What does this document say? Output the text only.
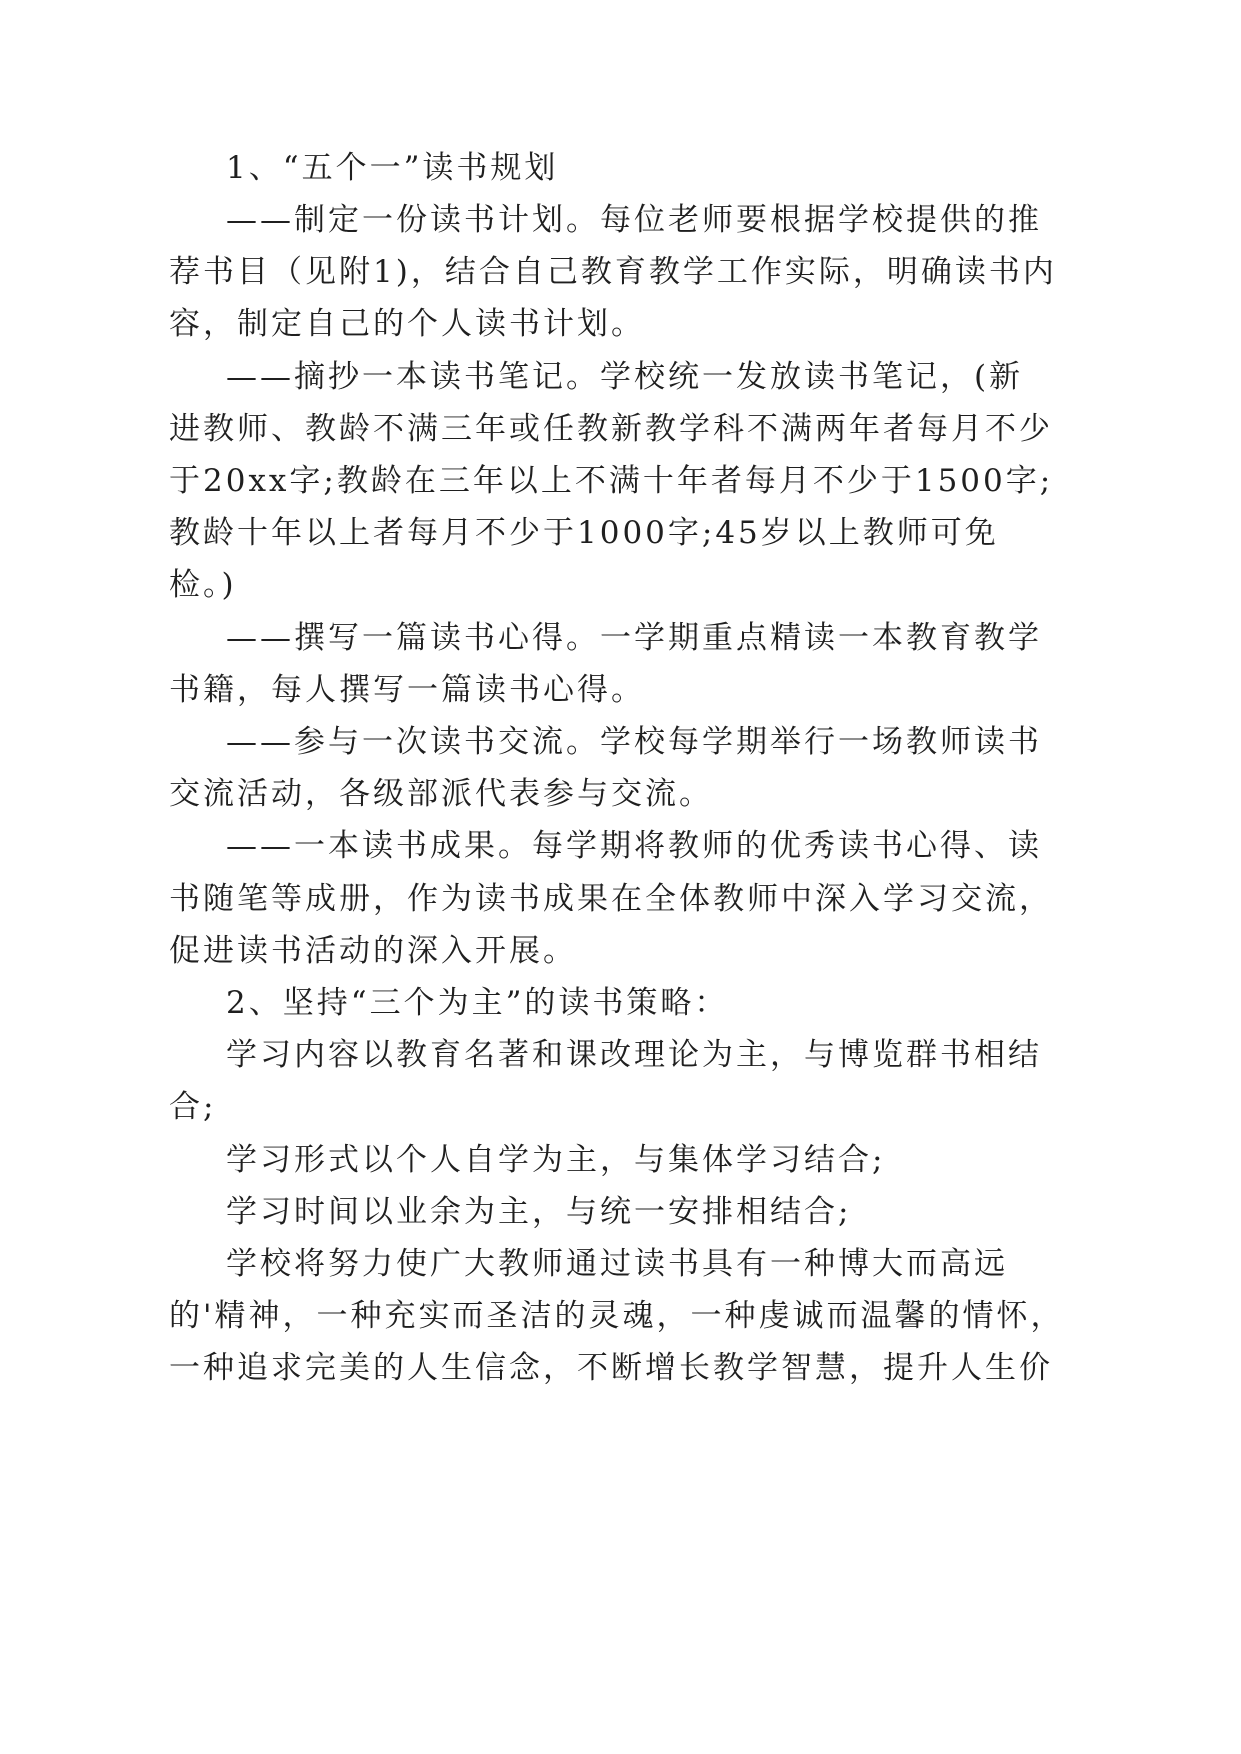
1、“五个一”读书规划
——制定一份读书计划。每位老师要根据学校提供的推
荐书目（见附1)，结合自己教育教学工作实际，明确读书内
容，制定自己的个人读书计划。
——摘抄一本读书笔记。学校统一发放读书笔记，(新
进教师、教龄不满三年或任教新教学科不满两年者每月不少
于20xx字;教龄在三年以上不满十年者每月不少于1500字;
教龄十年以上者每月不少于1000字;45岁以上教师可免
检。)
——撰写一篇读书心得。一学期重点精读一本教育教学
书籍，每人撰写一篇读书心得。
——参与一次读书交流。学校每学期举行一场教师读书
交流活动，各级部派代表参与交流。
——一本读书成果。每学期将教师的优秀读书心得、读
书随笔等成册，作为读书成果在全体教师中深入学习交流，
促进读书活动的深入开展。
2、坚持“三个为主”的读书策略：
学习内容以教育名著和课改理论为主，与博览群书相结
合;
学习形式以个人自学为主，与集体学习结合;
学习时间以业余为主，与统一安排相结合;
学校将努力使广大教师通过读书具有一种博大而高远
的'精神，一种充实而圣洁的灵魂，一种虔诚而温馨的情怀，
一种追求完美的人生信念，不断增长教学智慧，提升人生价
